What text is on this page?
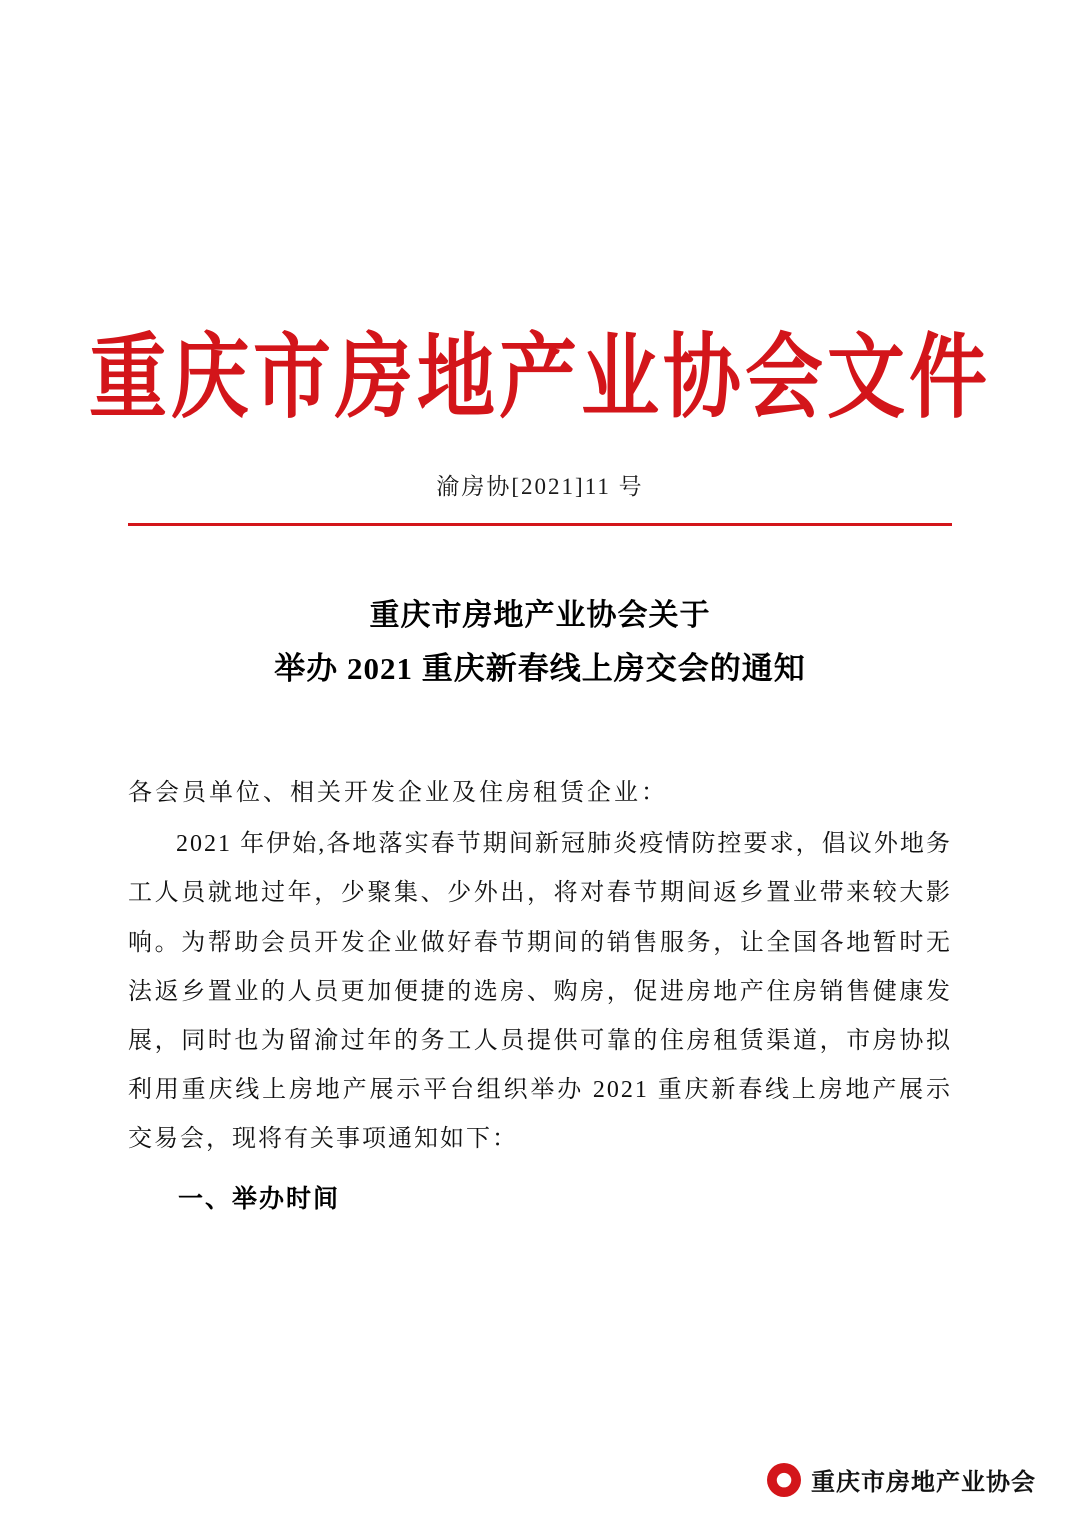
重庆市房地产业协会文件
渝房协[2021]11 号
重庆市房地产业协会关于
举办 2021 重庆新春线上房交会的通知
各会员单位、相关开发企业及住房租赁企业：
2021 年伊始,各地落实春节期间新冠肺炎疫情防控要求，倡议外地务工人员就地过年，少聚集、少外出，将对春节期间返乡置业带来较大影响。为帮助会员开发企业做好春节期间的销售服务，让全国各地暂时无法返乡置业的人员更加便捷的选房、购房，促进房地产住房销售健康发展，同时也为留渝过年的务工人员提供可靠的住房租赁渠道，市房协拟利用重庆线上房地产展示平台组织举办 2021 重庆新春线上房地产展示交易会，现将有关事项通知如下：
一、举办时间
● 重庆市房地产业协会
